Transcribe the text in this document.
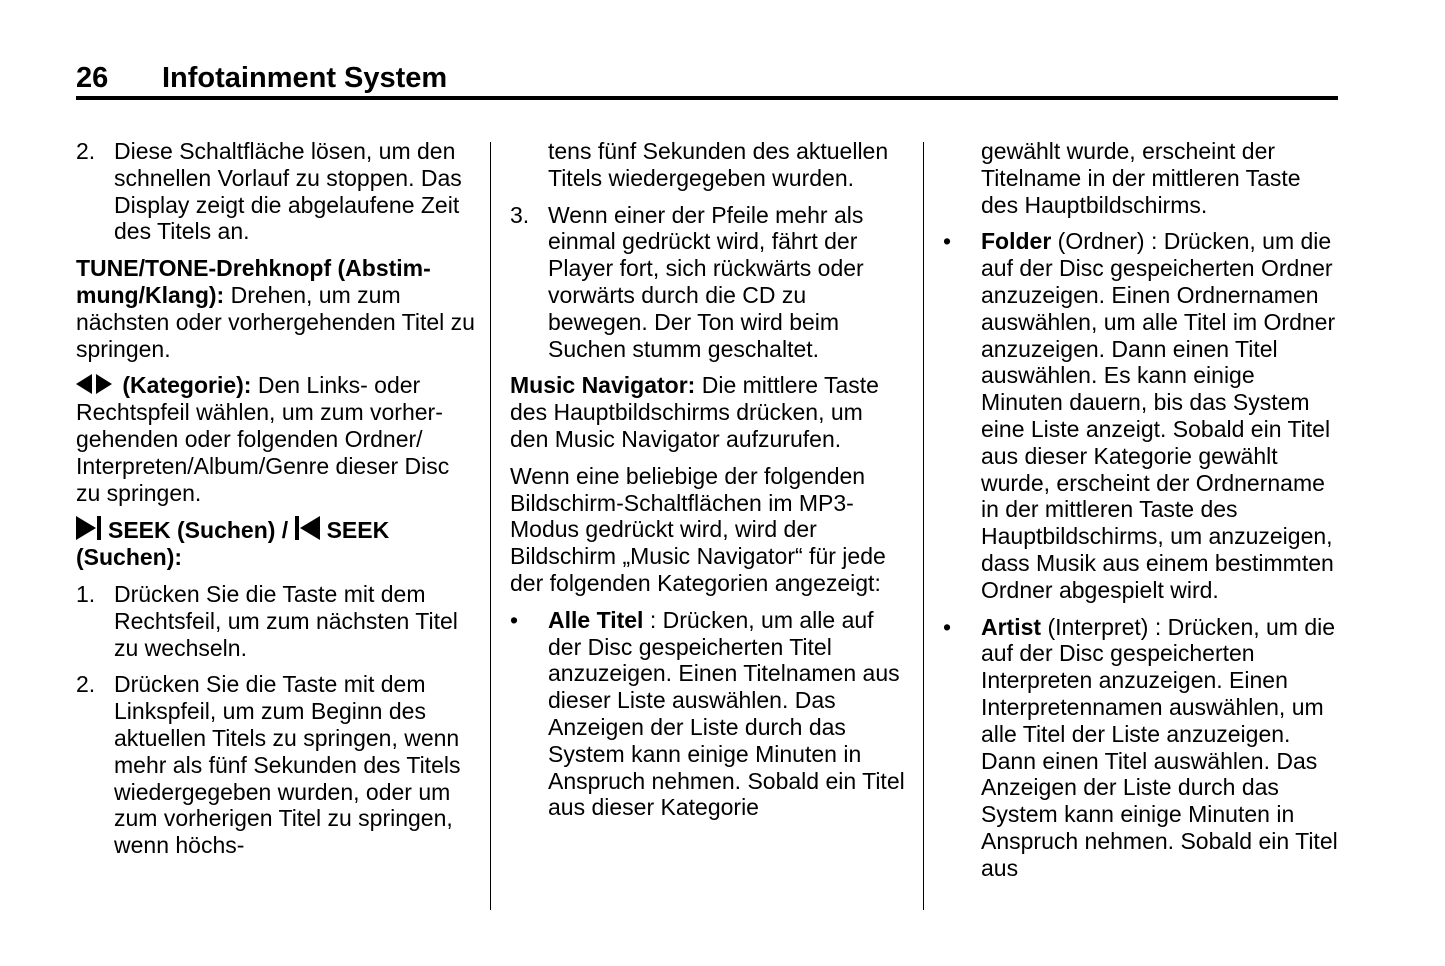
26 Infotainment System
2. Diese Schaltfläche lösen, um den schnellen Vorlauf zu stoppen. Das Display zeigt die abgelaufene Zeit des Titels an.

TUNE/TONE-Drehknopf (Abstimmung/Klang): Drehen, um zum nächsten oder vorhergehenden Titel zu springen.

(Kategorie): Den Links- oder Rechtspfeil wählen, um zum vorhergehenden oder folgenden Ordner/ Interpreten/Album/Genre dieser Disc zu springen.

SEEK (Suchen) / SEEK (Suchen):

1. Drücken Sie die Taste mit dem Rechtsfeil, um zum nächsten Titel zu wechseln.
2. Drücken Sie die Taste mit dem Linkspfeil, um zum Beginn des aktuellen Titels zu springen, wenn mehr als fünf Sekunden des Titels wiedergegeben wurden, oder um zum vorherigen Titel zu springen, wenn höchs-
tens fünf Sekunden des aktuellen Titels wiedergegeben wurden.
3. Wenn einer der Pfeile mehr als einmal gedrückt wird, fährt der Player fort, sich rückwärts oder vorwärts durch die CD zu bewegen. Der Ton wird beim Suchen stumm geschaltet.

Music Navigator: Die mittlere Taste des Hauptbildschirms drücken, um den Music Navigator aufzurufen.

Wenn eine beliebige der folgenden Bildschirm-Schaltflächen im MP3-Modus gedrückt wird, wird der Bildschirm „Music Navigator“ für jede der folgenden Kategorien angezeigt:

• Alle Titel : Drücken, um alle auf der Disc gespeicherten Titel anzuzeigen. Einen Titelnamen aus dieser Liste auswählen. Das Anzeigen der Liste durch das System kann einige Minuten in Anspruch nehmen. Sobald ein Titel aus dieser Kategorie
gewählt wurde, erscheint der Titelname in der mittleren Taste des Hauptbildschirms.
• Folder (Ordner) : Drücken, um die auf der Disc gespeicherten Ordner anzuzeigen. Einen Ordnernamen auswählen, um alle Titel im Ordner anzuzeigen. Dann einen Titel auswählen. Es kann einige Minuten dauern, bis das System eine Liste anzeigt. Sobald ein Titel aus dieser Kategorie gewählt wurde, erscheint der Ordnername in der mittleren Taste des Hauptbildschirms, um anzuzeigen, dass Musik aus einem bestimmten Ordner abgespielt wird.
• Artist (Interpret) : Drücken, um die auf der Disc gespeicherten Interpreten anzuzeigen. Einen Interpretennamen auswählen, um alle Titel der Liste anzuzeigen. Dann einen Titel auswählen. Das Anzeigen der Liste durch das System kann einige Minuten in Anspruch nehmen. Sobald ein Titel aus
